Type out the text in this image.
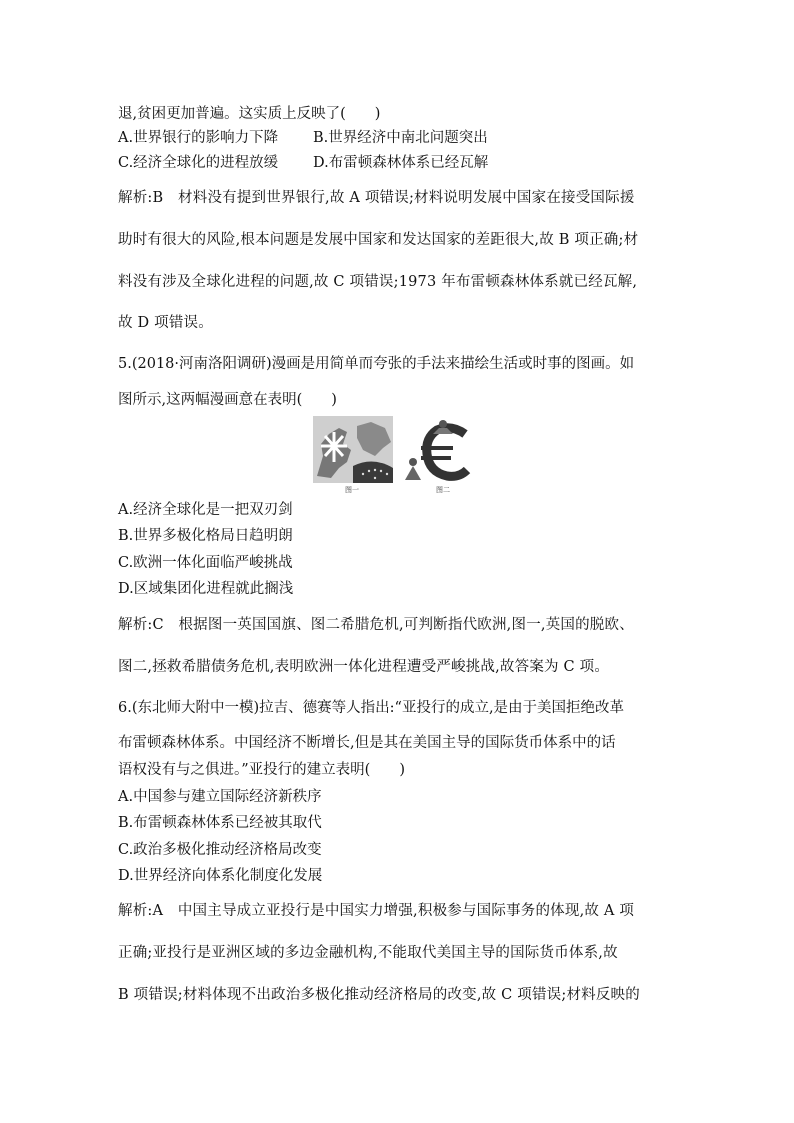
退,贫困更加普遍。这实质上反映了(　　)
A.世界银行的影响力下降 B.世界经济中南北问题突出
C.经济全球化的进程放缓 D.布雷顿森林体系已经瓦解
解析:B　材料没有提到世界银行,故 A 项错误;材料说明发展中国家在接受国际援
助时有很大的风险,根本问题是发展中国家和发达国家的差距很大,故 B 项正确;材
料没有涉及全球化进程的问题,故 C 项错误;1973 年布雷顿森林体系就已经瓦解,
故 D 项错误。
5.(2018·河南洛阳调研)漫画是用简单而夸张的手法来描绘生活或时事的图画。如
图所示,这两幅漫画意在表明(　　)
图一	图二
A.经济全球化是一把双刃剑
B.世界多极化格局日趋明朗
C.欧洲一体化面临严峻挑战
D.区域集团化进程就此搁浅
解析:C　根据图一英国国旗、图二希腊危机,可判断指代欧洲,图一,英国的脱欧、
图二,拯救希腊债务危机,表明欧洲一体化进程遭受严峻挑战,故答案为 C 项。
6.(东北师大附中一模)拉吉、德赛等人指出:“亚投行的成立,是由于美国拒绝改革
布雷顿森林体系。中国经济不断增长,但是其在美国主导的国际货币体系中的话
语权没有与之俱进。”亚投行的建立表明(　　)
A.中国参与建立国际经济新秩序
B.布雷顿森林体系已经被其取代
C.政治多极化推动经济格局改变
D.世界经济向体系化制度化发展
解析:A　中国主导成立亚投行是中国实力增强,积极参与国际事务的体现,故 A 项
正确;亚投行是亚洲区域的多边金融机构,不能取代美国主导的国际货币体系,故
B 项错误;材料体现不出政治多极化推动经济格局的改变,故 C 项错误;材料反映的
